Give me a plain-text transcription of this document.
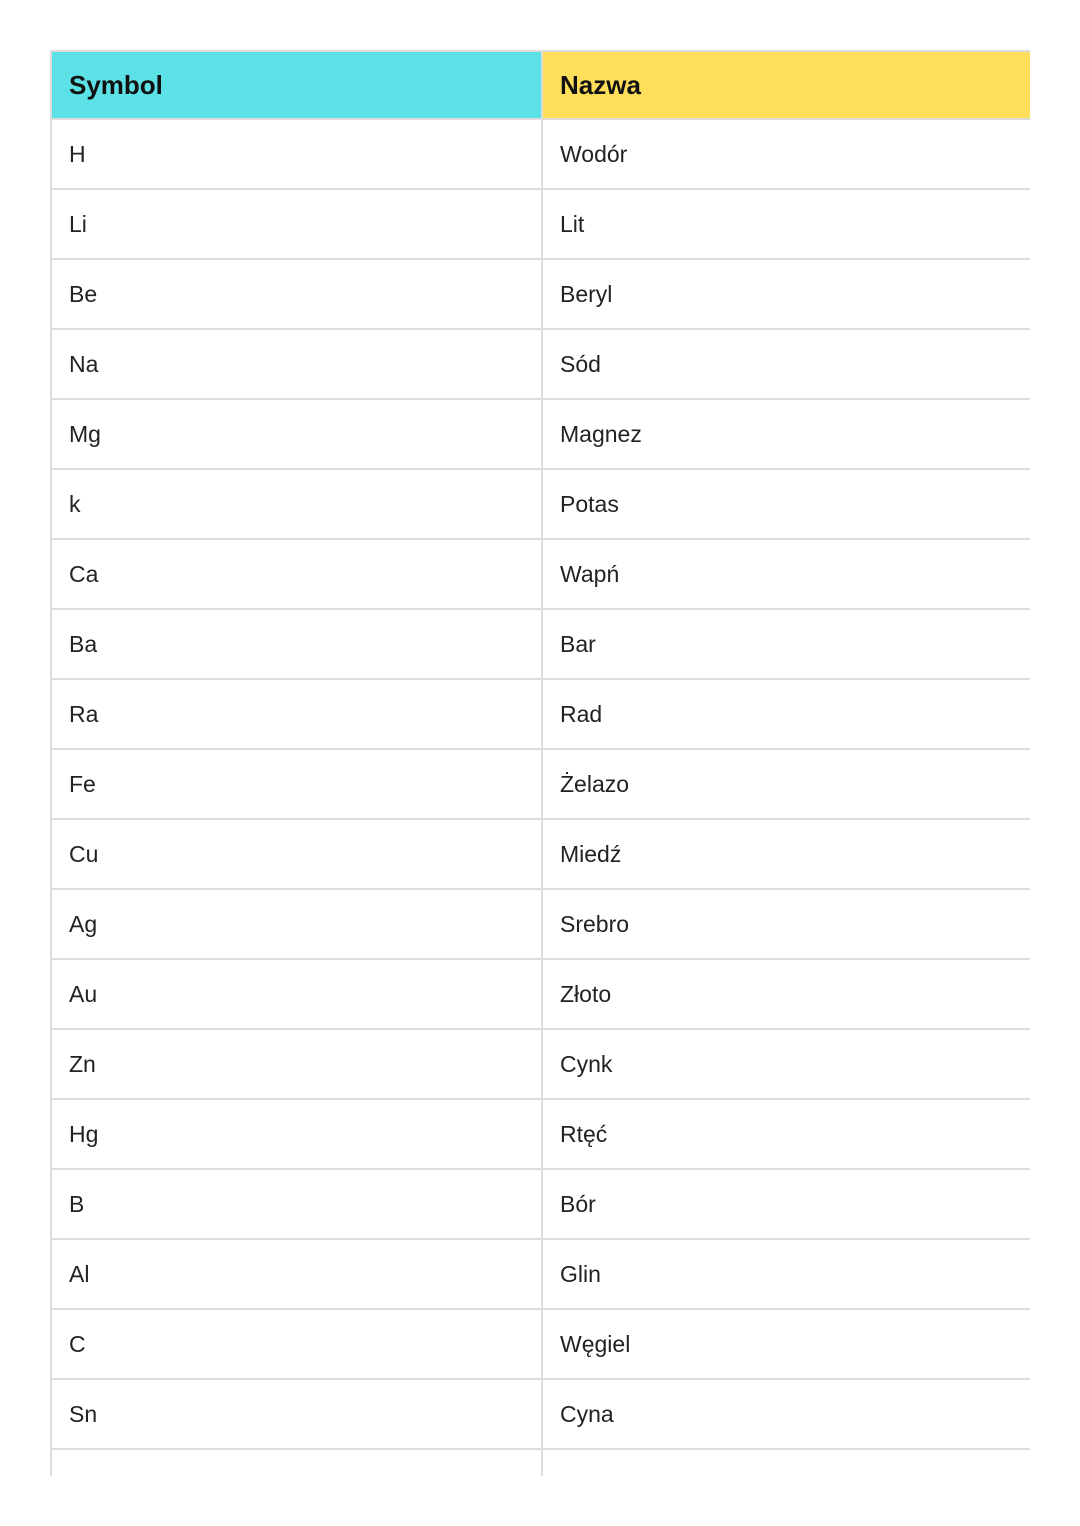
Symbol	Nazwa
H	Wodór
Li	Lit
Be	Beryl
Na	Sód
Mg	Magnez
k	Potas
Ca	Wapń
Ba	Bar
Ra	Rad
Fe	Żelazo
Cu	Miedź
Ag	Srebro
Au	Złoto
Zn	Cynk
Hg	Rtęć
B	Bór
Al	Glin
C	Węgiel
Sn	Cyna
